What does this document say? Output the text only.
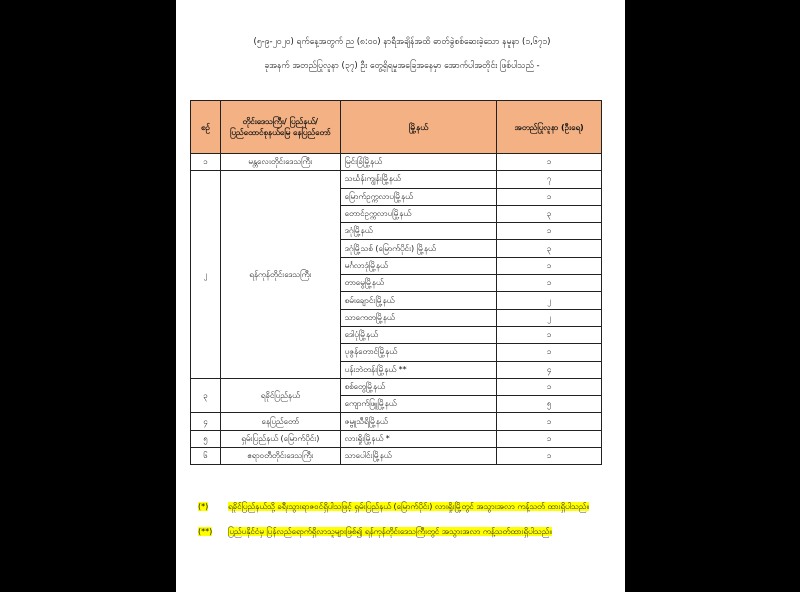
(၅-၉-၂၀၂၀) ရက်နေ့အတွက် ည (၈:၀၀) နာရီအချိန်အထိ ဓာတ်ခွဲစစ်ဆေးခဲ့သော နမူနာ (၁,၆၇၁)
ခုအနက် အတည်ပြုလူနာ (၃၇) ဦး တွေ့ရှိရမှုအခြေအနေမှာ အောက်ပါအတိုင်း ဖြစ်ပါသည် -
စဉ်	တိုင်းဒေသကြီး/ ပြည်နယ်/ ပြည်ထောင်စုနယ်မြေ နေပြည်တော်	မြို့နယ်	အတည်ပြုလူနာ (ဦးရေ)
၁	မန္တလေးတိုင်းဒေသကြီး	မြင်းခြံမြို့နယ်	၁
၂	ရန်ကုန်တိုင်းဒေသကြီး	သင်္ဃန်းကျွန်းမြို့နယ်	၇
		မြောက်ဥက္ကလာပမြို့နယ်	၁
		တောင်ဥက္ကလာပမြို့နယ်	၃
		ဒဂုံမြို့နယ်	၁
		ဒဂုံမြို့သစ် (မြောက်ပိုင်း) မြို့နယ်	၃
		မင်္ဂလာဒုံမြို့နယ်	၁
		တာမွေမြို့နယ်	၁
		စမ်းချောင်းမြို့နယ်	၂
		သာကေတမြို့နယ်	၂
		ဒေါပုံမြို့နယ်	၁
		ပုဇွန်တောင်မြို့နယ်	၁
		ပန်းဘဲတန်းမြို့နယ် **	၄
၃	ရခိုင်ပြည်နယ်	စစ်တွေမြို့နယ်	၁
		ကျောက်ဖြူမြို့နယ်	၅
၄	နေပြည်တော်	ဇမ္ဗူသီရိမြို့နယ်	၁
၅	ရှမ်းပြည်နယ် (မြောက်ပိုင်း)	လားရှိုးမြို့နယ် *	၁
၆	ဧရာဝတီတိုင်းဒေသကြီး	သာပေါင်းမြို့နယ်	၁
(*)	ရခိုင်ပြည်နယ်သို့ ခရီးသွားရာဇဝင်ရှိပါသဖြင့် ရှမ်းပြည်နယ် (မြောက်ပိုင်း) လားရှိုးမြို့တွင် အသွားအလာ ကန့်သတ် ထားရှိပါသည်။
(**)	ပြည်ပနိုင်ငံမှ ပြန်လည်ရောက်ရှိလာသူများဖြစ်၍ ရန်ကုန်တိုင်းဒေသကြီးတွင် အသွားအလာ ကန့်သတ်ထားရှိပါသည်။
